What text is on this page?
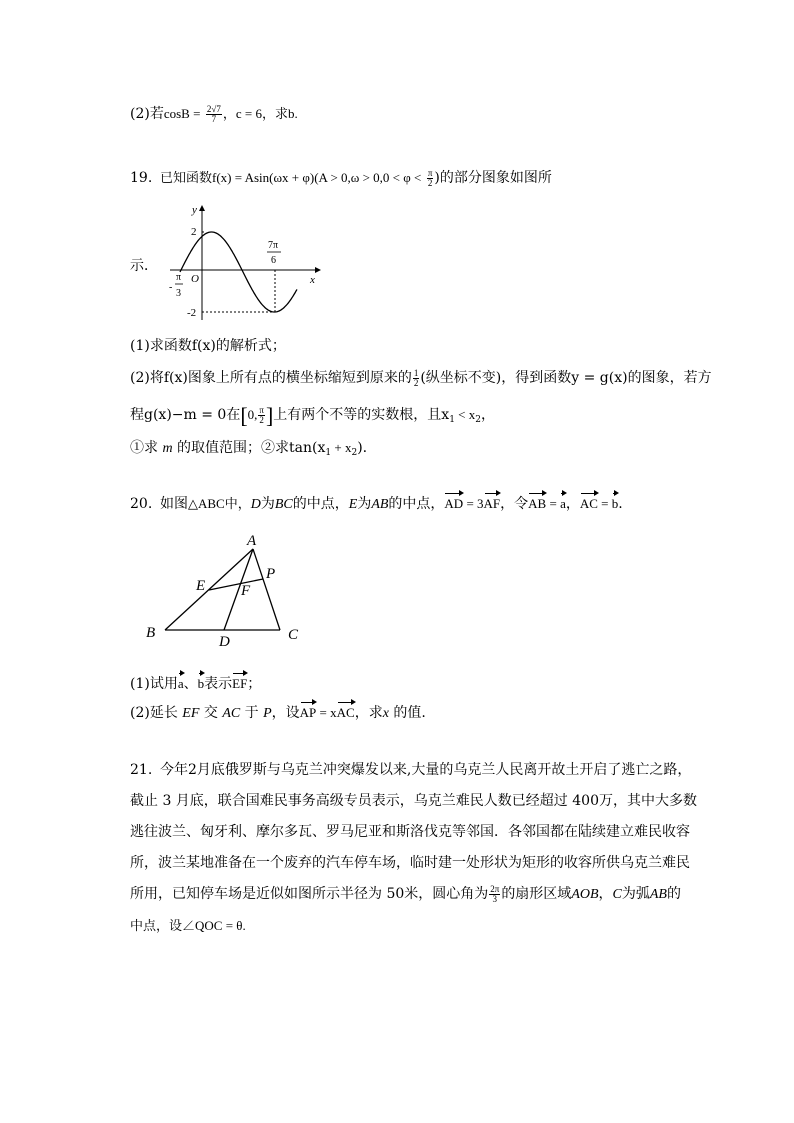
(2)若$\cos B = \frac{2√7}{7}$ ，c = 6，求b.
19. 已知函数$f(x) = Asin(\omega x + \varphi)(A > 0,\omega > 0,0 < \varphi < \frac{\pi}{2}$ )的部分图象如图所
示．
y
x
O
2
-2
-
π
3
7π
6
(1)求函数f(x)的解析式；
(2)将f(x)图象上所有点的横坐标缩短到原来的 $\frac{1}{2}$ (纵坐标不变)，得到函数y = g(x)的图象，若方
程g(x)−m = 0在[0, $\frac{\pi}{2}$ ]上有两个不等的实数根，且$x_1 < x_2$，
①求 m 的取值范围；②求$\tan(x_1 + x_2)$.
20. 如图△ABC中，D为BC的中点，E为AB的中点，AD = 3AF，令AB = a，AC = b.
A
B	C
D
E F
P
(1)试用a、b表示EF；
(2)延长 EF 交 AC 于 P，设AP = xAC，求x 的值.
21. 今年2月底俄罗斯与乌克兰冲突爆发以来,大量的乌克兰人民离开故土开启了逃亡之路，
截止 3 月底，联合国难民事务高级专员表示，乌克兰难民人数已经超过 400万，其中大多数
逃往波兰、匈牙利、摩尔多瓦、罗马尼亚和斯洛伐克等邻国．各邻国都在陆续建立难民收容
所，波兰某地准备在一个废弃的汽车停车场，临时建一处形状为矩形的收容所供乌克兰难民
所用，已知停车场是近似如图所示半径为 50米，圆心角为 $\frac{2\pi}{3}$ 的扇形区域AOB，C为弧AB的
中点，设∠QOC = θ.
